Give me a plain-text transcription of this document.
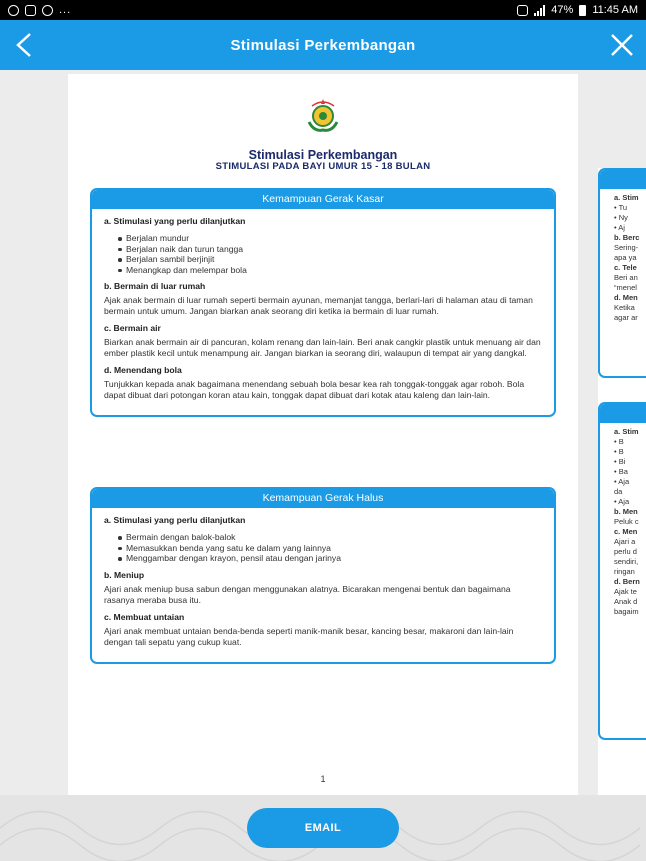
...	47% 11:45 AM
Stimulasi Perkembangan
Stimulasi Perkembangan
STIMULASI PADA BAYI UMUR 15 - 18 BULAN
Kemampuan Gerak Kasar
a. Stimulasi yang perlu dilanjutkan
Berjalan mundur
Berjalan naik dan turun tangga
Berjalan sambil berjinjit
Menangkap dan melempar bola
b. Bermain di luar rumah

Ajak anak bermain di luar rumah seperti bermain ayunan, memanjat tangga, berlari-lari di halaman atau di taman bermain untuk umum. Jangan biarkan anak seorang diri ketika ia bermain di luar rumah.

c. Bermain air

Biarkan anak bermain air di pancuran, kolam renang dan lain-lain. Beri anak cangkir plastik untuk menuang air dan ember plastik kecil untuk menampung air. Jangan biarkan ia seorang diri, walaupun di tempat air yang dangkal.

d. Menendang bola

Tunjukkan kepada anak bagaimana menendang sebuah bola besar kea rah tonggak-tonggak agar roboh. Bola dapat dibuat dari potongan koran atau kain, tonggak dapat dibuat dari kotak atau kaleng dan lain-lain.

Kemampuan Gerak Halus
a. Stimulasi yang perlu dilanjutkan
Bermain dengan balok-balok
Memasukkan benda yang satu ke dalam yang lainnya
Menggambar dengan krayon, pensil atau dengan jarinya
b. Meniup

Ajari anak meniup busa sabun dengan menggunakan alatnya. Bicarakan mengenai bentuk dan bagaimana rasanya meraba busa itu.

c. Membuat untaian

Ajari anak membuat untaian benda-benda seperti manik-manik besar, kancing besar, makaroni dan lain-lain dengan tali sepatu yang cukup kuat.

1
a. Stim
• Tu
• Ny
• Aj
b. Berc
Sering-
apa ya
c. Tele
Beri an
“menel
d. Men
Ketika
agar ar
a. Stim
• B
• B
• Bi
• Ba
• Aja
da
• Aja
b. Men
Peluk c
c. Men
Ajari a
perlu d
sendiri,
ringan
d. Bern
Ajak te
Anak d
bagaim
EMAIL
